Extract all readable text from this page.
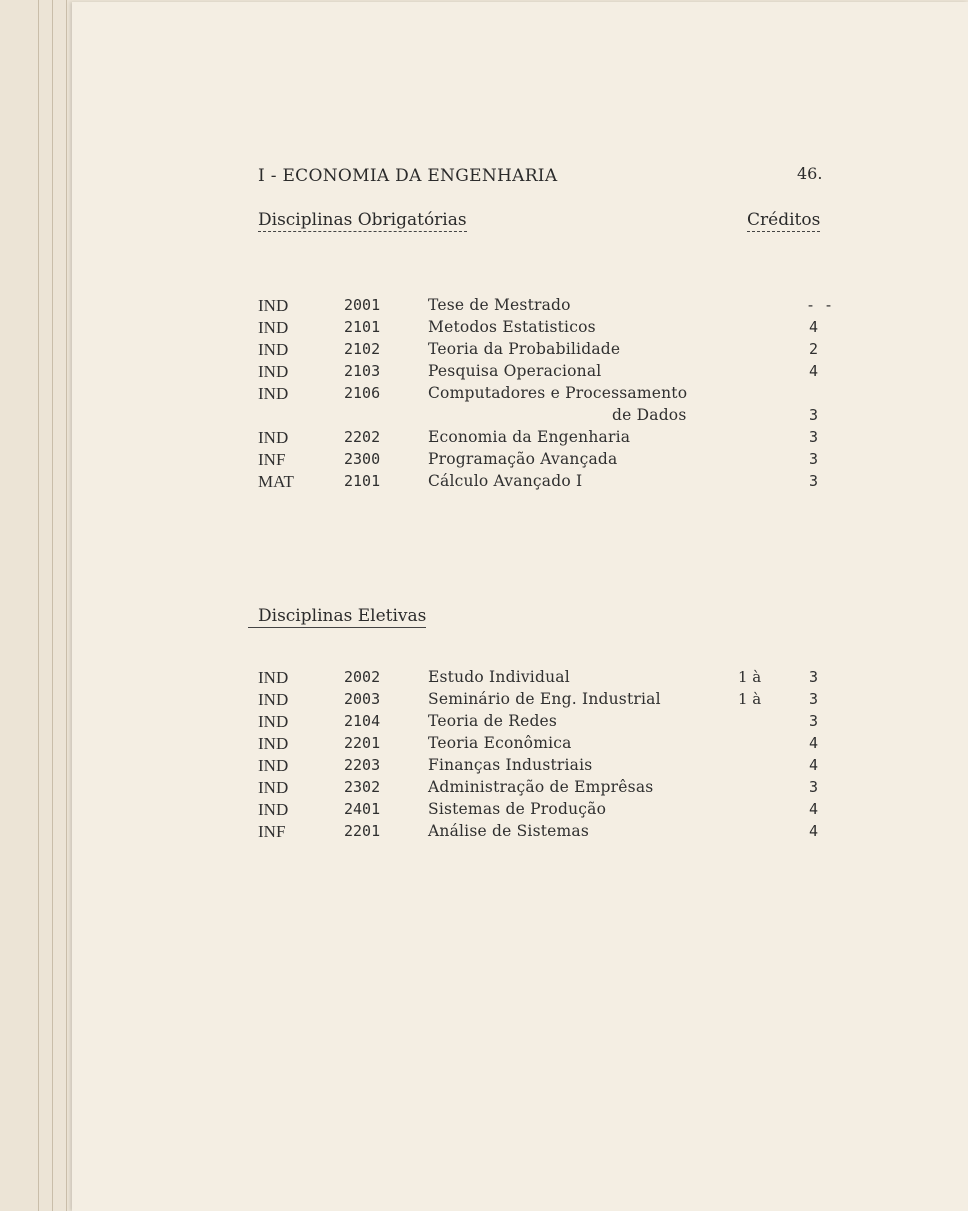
I - ECONOMIA DA ENGENHARIA	46.
Disciplinas Obrigatórias	Créditos
IND	2001	Tese de Mestrado	- -
IND	2101	Metodos Estatisticos	4
IND	2102	Teoria da Probabilidade	2
IND	2103	Pesquisa Operacional	4
IND	2106	Computadores e Processamento
de Dados	3
IND	2202	Economia da Engenharia	3
INF	2300	Programação Avançada	3
MAT	2101	Cálculo Avançado I	3
Disciplinas Eletivas
IND	2002	Estudo Individual	1 à	3
IND	2003	Seminário de Eng. Industrial	1 à	3
IND	2104	Teoria de Redes	3
IND	2201	Teoria Econômica	4
IND	2203	Finanças Industriais	4
IND	2302	Administração de Emprêsas	3
IND	2401	Sistemas de Produção	4
INF	2201	Análise de Sistemas	4
